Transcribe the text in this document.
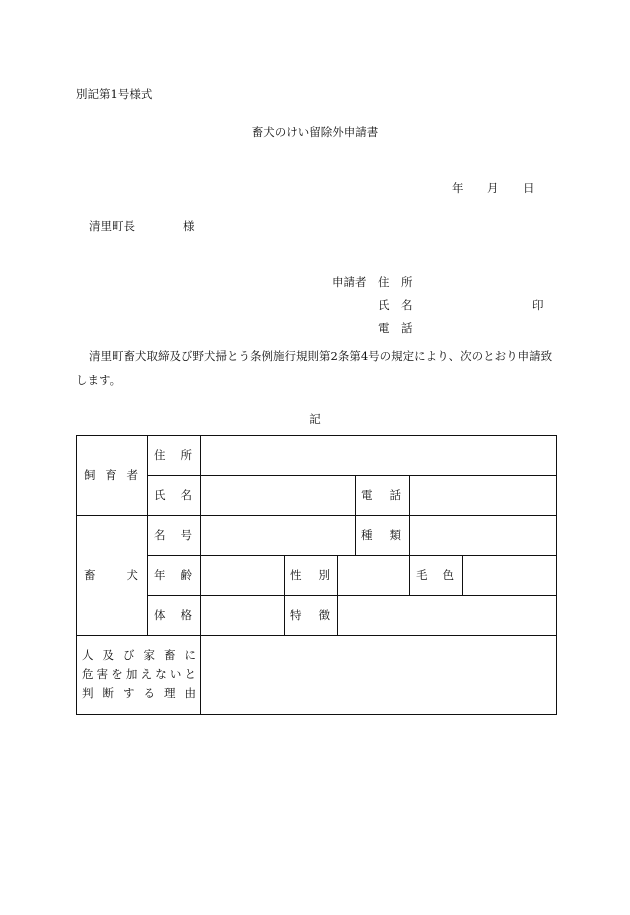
別記第1号様式
畜犬のけい留除外申請書
年 月 日
清里町長	様
申請者 住　所
氏　名	印
電　話
清里町畜犬取締及び野犬掃とう条例施行規則第2条第4号の規定により、次のとおり申請致
します。
記
飼 育 者
住 所
氏 名	電 話
畜	犬
名 号	種 類
年 齢	性 別	毛 色
体 格	特 徴
人 及 び 家 畜 に
危 害 を 加 え な い と
判 断 す る 理 由
